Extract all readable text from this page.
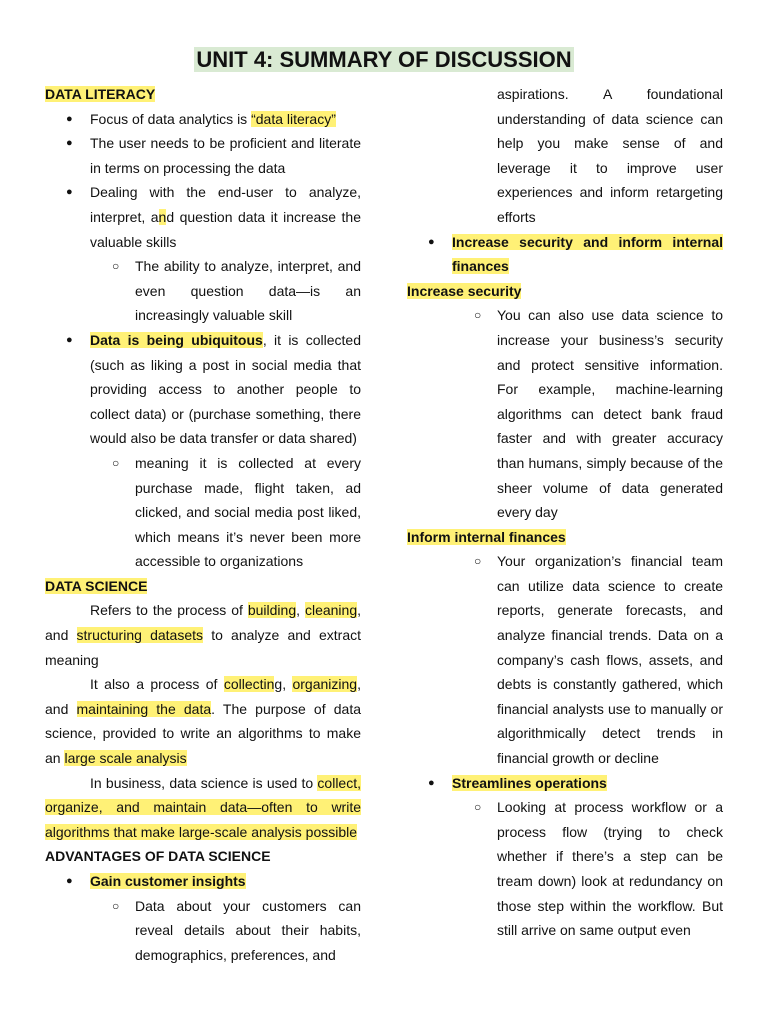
UNIT 4: SUMMARY OF DISCUSSION
DATA LITERACY
● Focus of data analytics is “data literacy”
● The user needs to be proficient and literate in terms on processing the data
● Dealing with the end-user to analyze, interpret, and question data it increase the valuable skills
○ The ability to analyze, interpret, and even question data—is an increasingly valuable skill
● Data is being ubiquitous, it is collected (such as liking a post in social media that providing access to another people to collect data) or (purchase something, there would also be data transfer or data shared)
○ meaning it is collected at every purchase made, flight taken, ad clicked, and social media post liked, which means it’s never been more accessible to organizations
DATA SCIENCE

Refers to the process of building, cleaning, and structuring datasets to analyze and extract meaning

It also a process of collecting, organizing, and maintaining the data. The purpose of data science, provided to write an algorithms to make an large scale analysis

In business, data science is used to collect, organize, and maintain data—often to write algorithms that make large-scale analysis possible

ADVANTAGES OF DATA SCIENCE
● Gain customer insights
○ Data about your customers can reveal details about their habits, demographics, preferences, and
aspirations. A foundational understanding of data science can help you make sense of and leverage it to improve user experiences and inform retargeting efforts
● Increase security and inform internal finances
Increase security
○ You can also use data science to increase your business’s security and protect sensitive information. For example, machine-learning algorithms can detect bank fraud faster and with greater accuracy than humans, simply because of the sheer volume of data generated every day
Inform internal finances
○ Your organization’s financial team can utilize data science to create reports, generate forecasts, and analyze financial trends. Data on a company’s cash flows, assets, and debts is constantly gathered, which financial analysts use to manually or algorithmically detect trends in financial growth or decline
● Streamlines operations
○ Looking at process workflow or a process flow (trying to check whether if there’s a step can be tream down) look at redundancy on those step within the workflow. But still arrive on same output even
